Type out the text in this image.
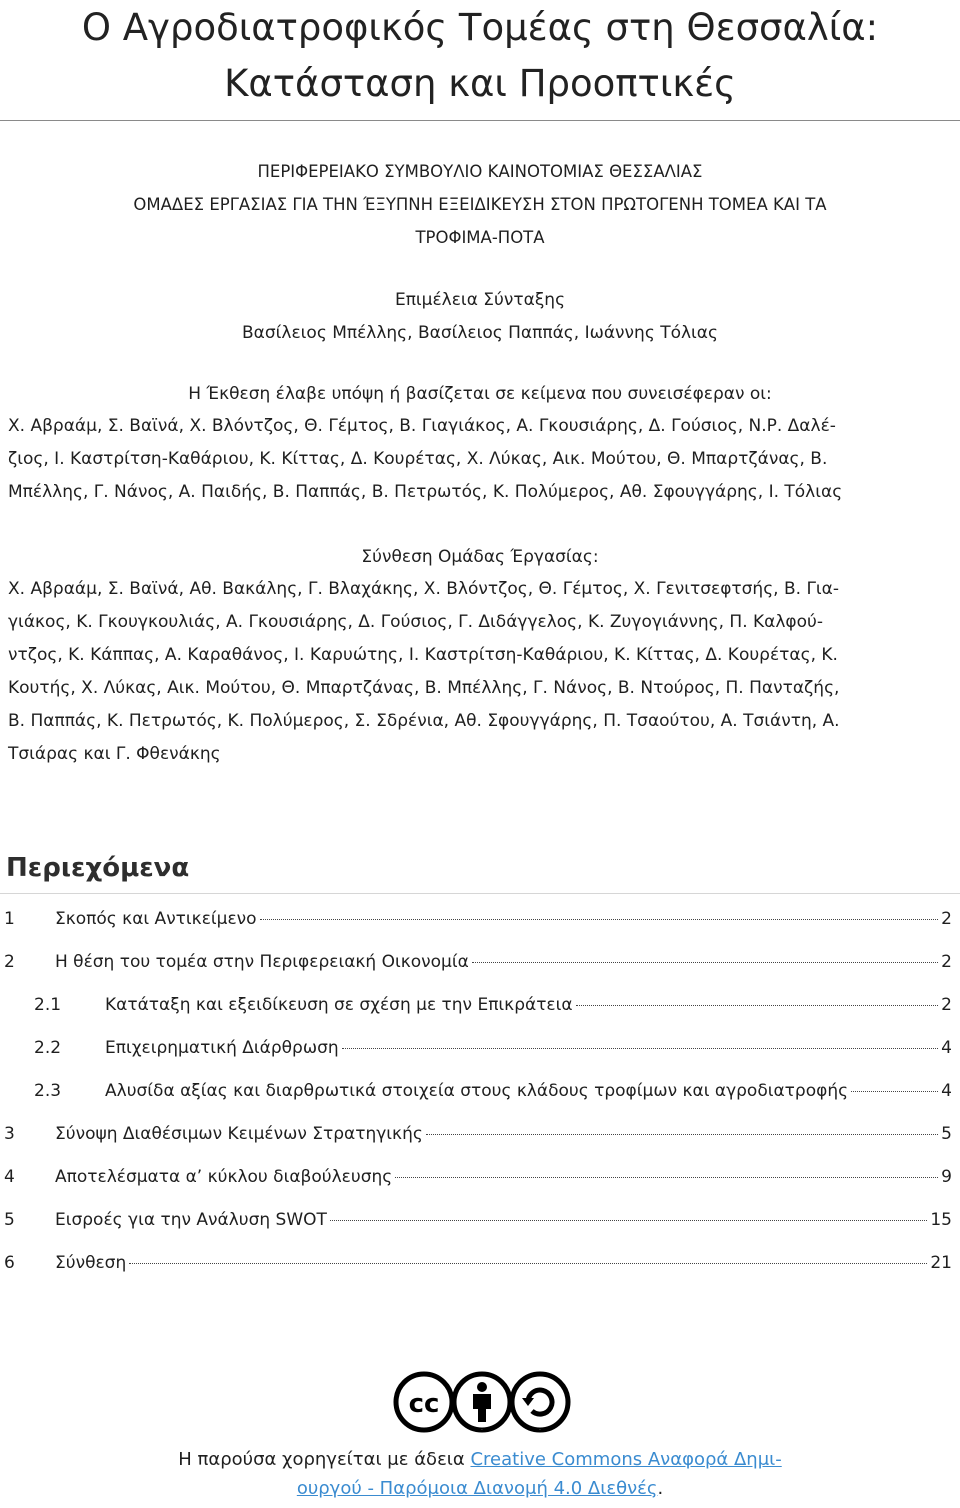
Ο Αγροδιατροφικός Τομέας στη Θεσσαλία:
Κατάσταση και Προοπτικές
ΠΕΡΙΦΕΡΕΙΑΚΟ ΣΥΜΒΟΥΛΙΟ ΚΑΙΝΟΤΟΜΙΑΣ ΘΕΣΣΑΛΙΑΣ
ΟΜΑΔΕΣ ΕΡΓΑΣΙΑΣ ΓΙΑ ΤΗΝ ΈΞΥΠΝΗ ΕΞΕΙΔΙΚΕΥΣΗ ΣΤΟΝ ΠΡΩΤΟΓΕΝΗ ΤΟΜΕΑ ΚΑΙ ΤΑ
ΤΡΟΦΙΜΑ-ΠΟΤΑ
Επιμέλεια Σύνταξης
Βασίλειος Μπέλλης, Βασίλειος Παππάς, Ιωάννης Τόλιας
Η Έκθεση έλαβε υπόψη ή βασίζεται σε κείμενα που συνεισέφεραν οι:
Χ. Αβραάμ, Σ. Βαϊνά, Χ. Βλόντζος, Θ. Γέμτος, Β. Γιαγιάκος, Α. Γκουσιάρης, Δ. Γούσιος, Ν.Ρ. Δαλέ-
ζιος, Ι. Καστρίτση-Καθάριου, Κ. Κίττας, Δ. Κουρέτας, Χ. Λύκας, Αικ. Μούτου, Θ. Μπαρτζάνας, Β.
Μπέλλης, Γ. Νάνος, Α. Παιδής, Β. Παππάς, Β. Πετρωτός, Κ. Πολύμερος, Αθ. Σφουγγάρης, Ι. Τόλιας
Σύνθεση Ομάδας Έργασίας:
Χ. Αβραάμ, Σ. Βαϊνά, Αθ. Βακάλης, Γ. Βλαχάκης, Χ. Βλόντζος, Θ. Γέμτος, Χ. Γενιτσεφτσής, Β. Για-
γιάκος, Κ. Γκουγκουλιάς, Α. Γκουσιάρης, Δ. Γούσιος, Γ. Διδάγγελος, Κ. Ζυγογιάννης, Π. Καλφού-
ντζος, Κ. Κάππας, Α. Καραθάνος, Ι. Καρυώτης, Ι. Καστρίτση-Καθάριου, Κ. Κίττας, Δ. Κουρέτας, Κ.
Κουτής, Χ. Λύκας, Αικ. Μούτου, Θ. Μπαρτζάνας, Β. Μπέλλης, Γ. Νάνος, Β. Ντούρος, Π. Πανταζής,
Β. Παππάς, Κ. Πετρωτός, Κ. Πολύμερος, Σ. Σδρένια, Αθ. Σφουγγάρης, Π. Τσαούτου, Α. Τσιάντη, Α.
Τσιάρας και Γ. Φθενάκης
Περιεχόμενα
1 Σκοπός και Αντικείμενο	2
2 Η θέση του τομέα στην Περιφερειακή Οικονομία	2
2.1	Κατάταξη και εξειδίκευση σε σχέση με την Επικράτεια	2
2.2	Επιχειρηματική Διάρθρωση	4
2.3	Αλυσίδα αξίας και διαρθρωτικά στοιχεία στους κλάδους τροφίμων και αγροδιατροφής	4
3 Σύνοψη Διαθέσιμων Κειμένων Στρατηγικής	5
4 Αποτελέσματα α’ κύκλου διαβούλευσης	9
5 Εισροές για την Ανάλυση SWOT	15
6 Σύνθεση	21
cc
by	sa
Η παρούσα χορηγείται με άδεια Creative Commons Αναφορά Δημι-
ουργού - Παρόμοια Διανομή 4.0 Διεθνές.
